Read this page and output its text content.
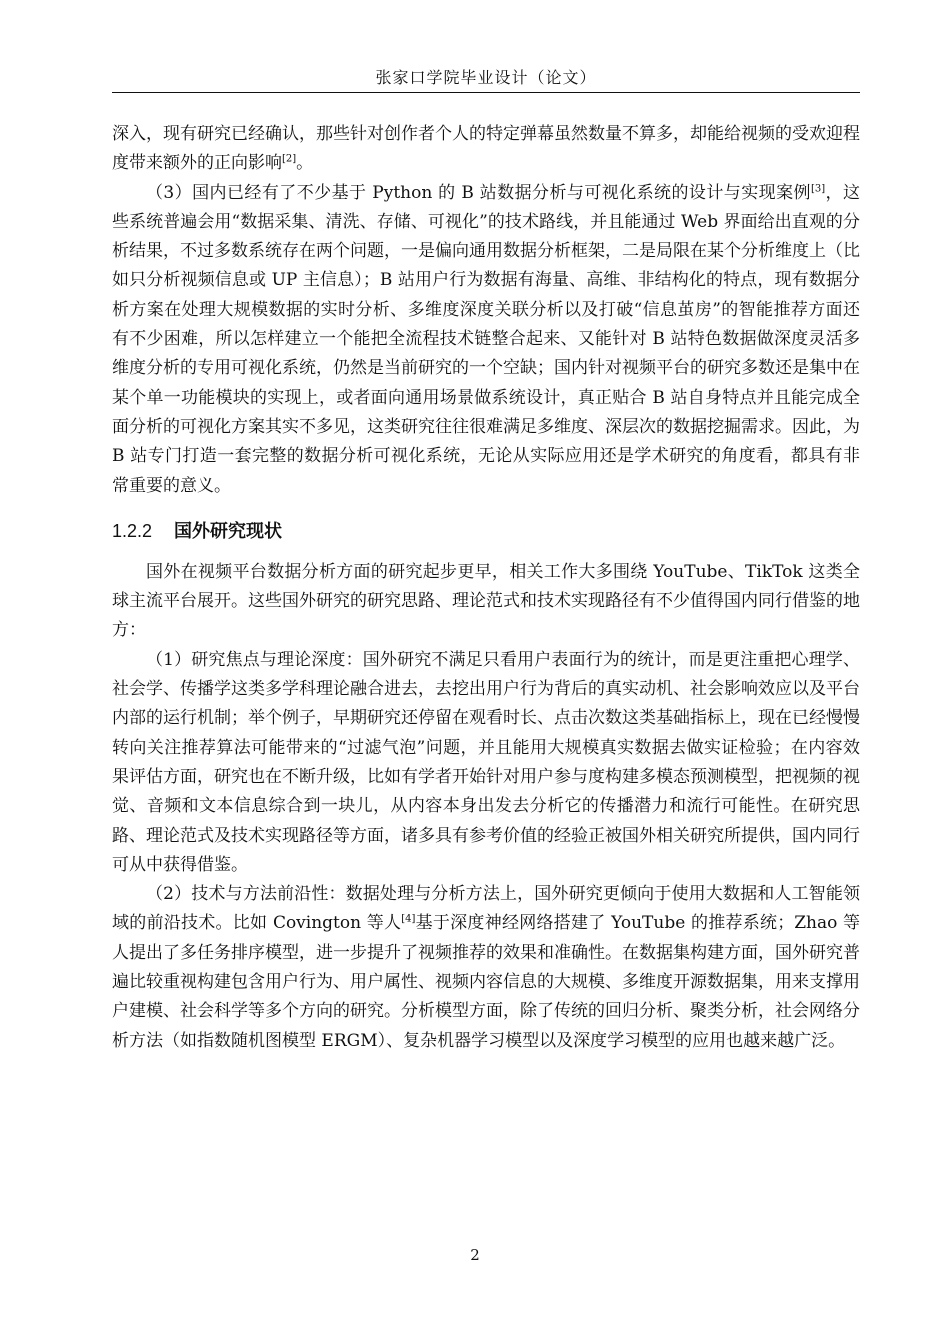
张家口学院毕业设计（论文）

深入，现有研究已经确认，那些针对创作者个人的特定弹幕虽然数量不算多，却能给视频的受欢迎程度带来额外的正向影响[2]。

（3）国内已经有了不少基于 Python 的 B 站数据分析与可视化系统的设计与实现案例[3]，这些系统普遍会用“数据采集、清洗、存储、可视化”的技术路线，并且能通过 Web 界面给出直观的分析结果，不过多数系统存在两个问题，一是偏向通用数据分析框架，二是局限在某个分析维度上（比如只分析视频信息或 UP 主信息）；B 站用户行为数据有海量、高维、非结构化的特点，现有数据分析方案在处理大规模数据的实时分析、多维度深度关联分析以及打破“信息茧房”的智能推荐方面还有不少困难，所以怎样建立一个能把全流程技术链整合起来、又能针对 B 站特色数据做深度灵活多维度分析的专用可视化系统，仍然是当前研究的一个空缺；国内针对视频平台的研究多数还是集中在某个单一功能模块的实现上，或者面向通用场景做系统设计，真正贴合 B 站自身特点并且能完成全面分析的可视化方案其实不多见，这类研究往往很难满足多维度、深层次的数据挖掘需求。因此，为 B 站专门打造一套完整的数据分析可视化系统，无论从实际应用还是学术研究的角度看，都具有非常重要的意义。

1.2.2 国外研究现状

国外在视频平台数据分析方面的研究起步更早，相关工作大多围绕 YouTube、TikTok 这类全球主流平台展开。这些国外研究的研究思路、理论范式和技术实现路径有不少值得国内同行借鉴的地方：

（1）研究焦点与理论深度：国外研究不满足只看用户表面行为的统计，而是更注重把心理学、社会学、传播学这类多学科理论融合进去，去挖出用户行为背后的真实动机、社会影响效应以及平台内部的运行机制；举个例子，早期研究还停留在观看时长、点击次数这类基础指标上，现在已经慢慢转向关注推荐算法可能带来的“过滤气泡”问题，并且能用大规模真实数据去做实证检验；在内容效果评估方面，研究也在不断升级，比如有学者开始针对用户参与度构建多模态预测模型，把视频的视觉、音频和文本信息综合到一块儿，从内容本身出发去分析它的传播潜力和流行可能性。在研究思路、理论范式及技术实现路径等方面，诸多具有参考价值的经验正被国外相关研究所提供，国内同行可从中获得借鉴。

（2）技术与方法前沿性：数据处理与分析方法上，国外研究更倾向于使用大数据和人工智能领域的前沿技术。比如 Covington 等人[4]基于深度神经网络搭建了 YouTube 的推荐系统；Zhao 等人提出了多任务排序模型，进一步提升了视频推荐的效果和准确性。在数据集构建方面，国外研究普遍比较重视构建包含用户行为、用户属性、视频内容信息的大规模、多维度开源数据集，用来支撑用户建模、社会科学等多个方向的研究。分析模型方面，除了传统的回归分析、聚类分析，社会网络分析方法（如指数随机图模型 ERGM）、复杂机器学习模型以及深度学习模型的应用也越来越广泛。

2
